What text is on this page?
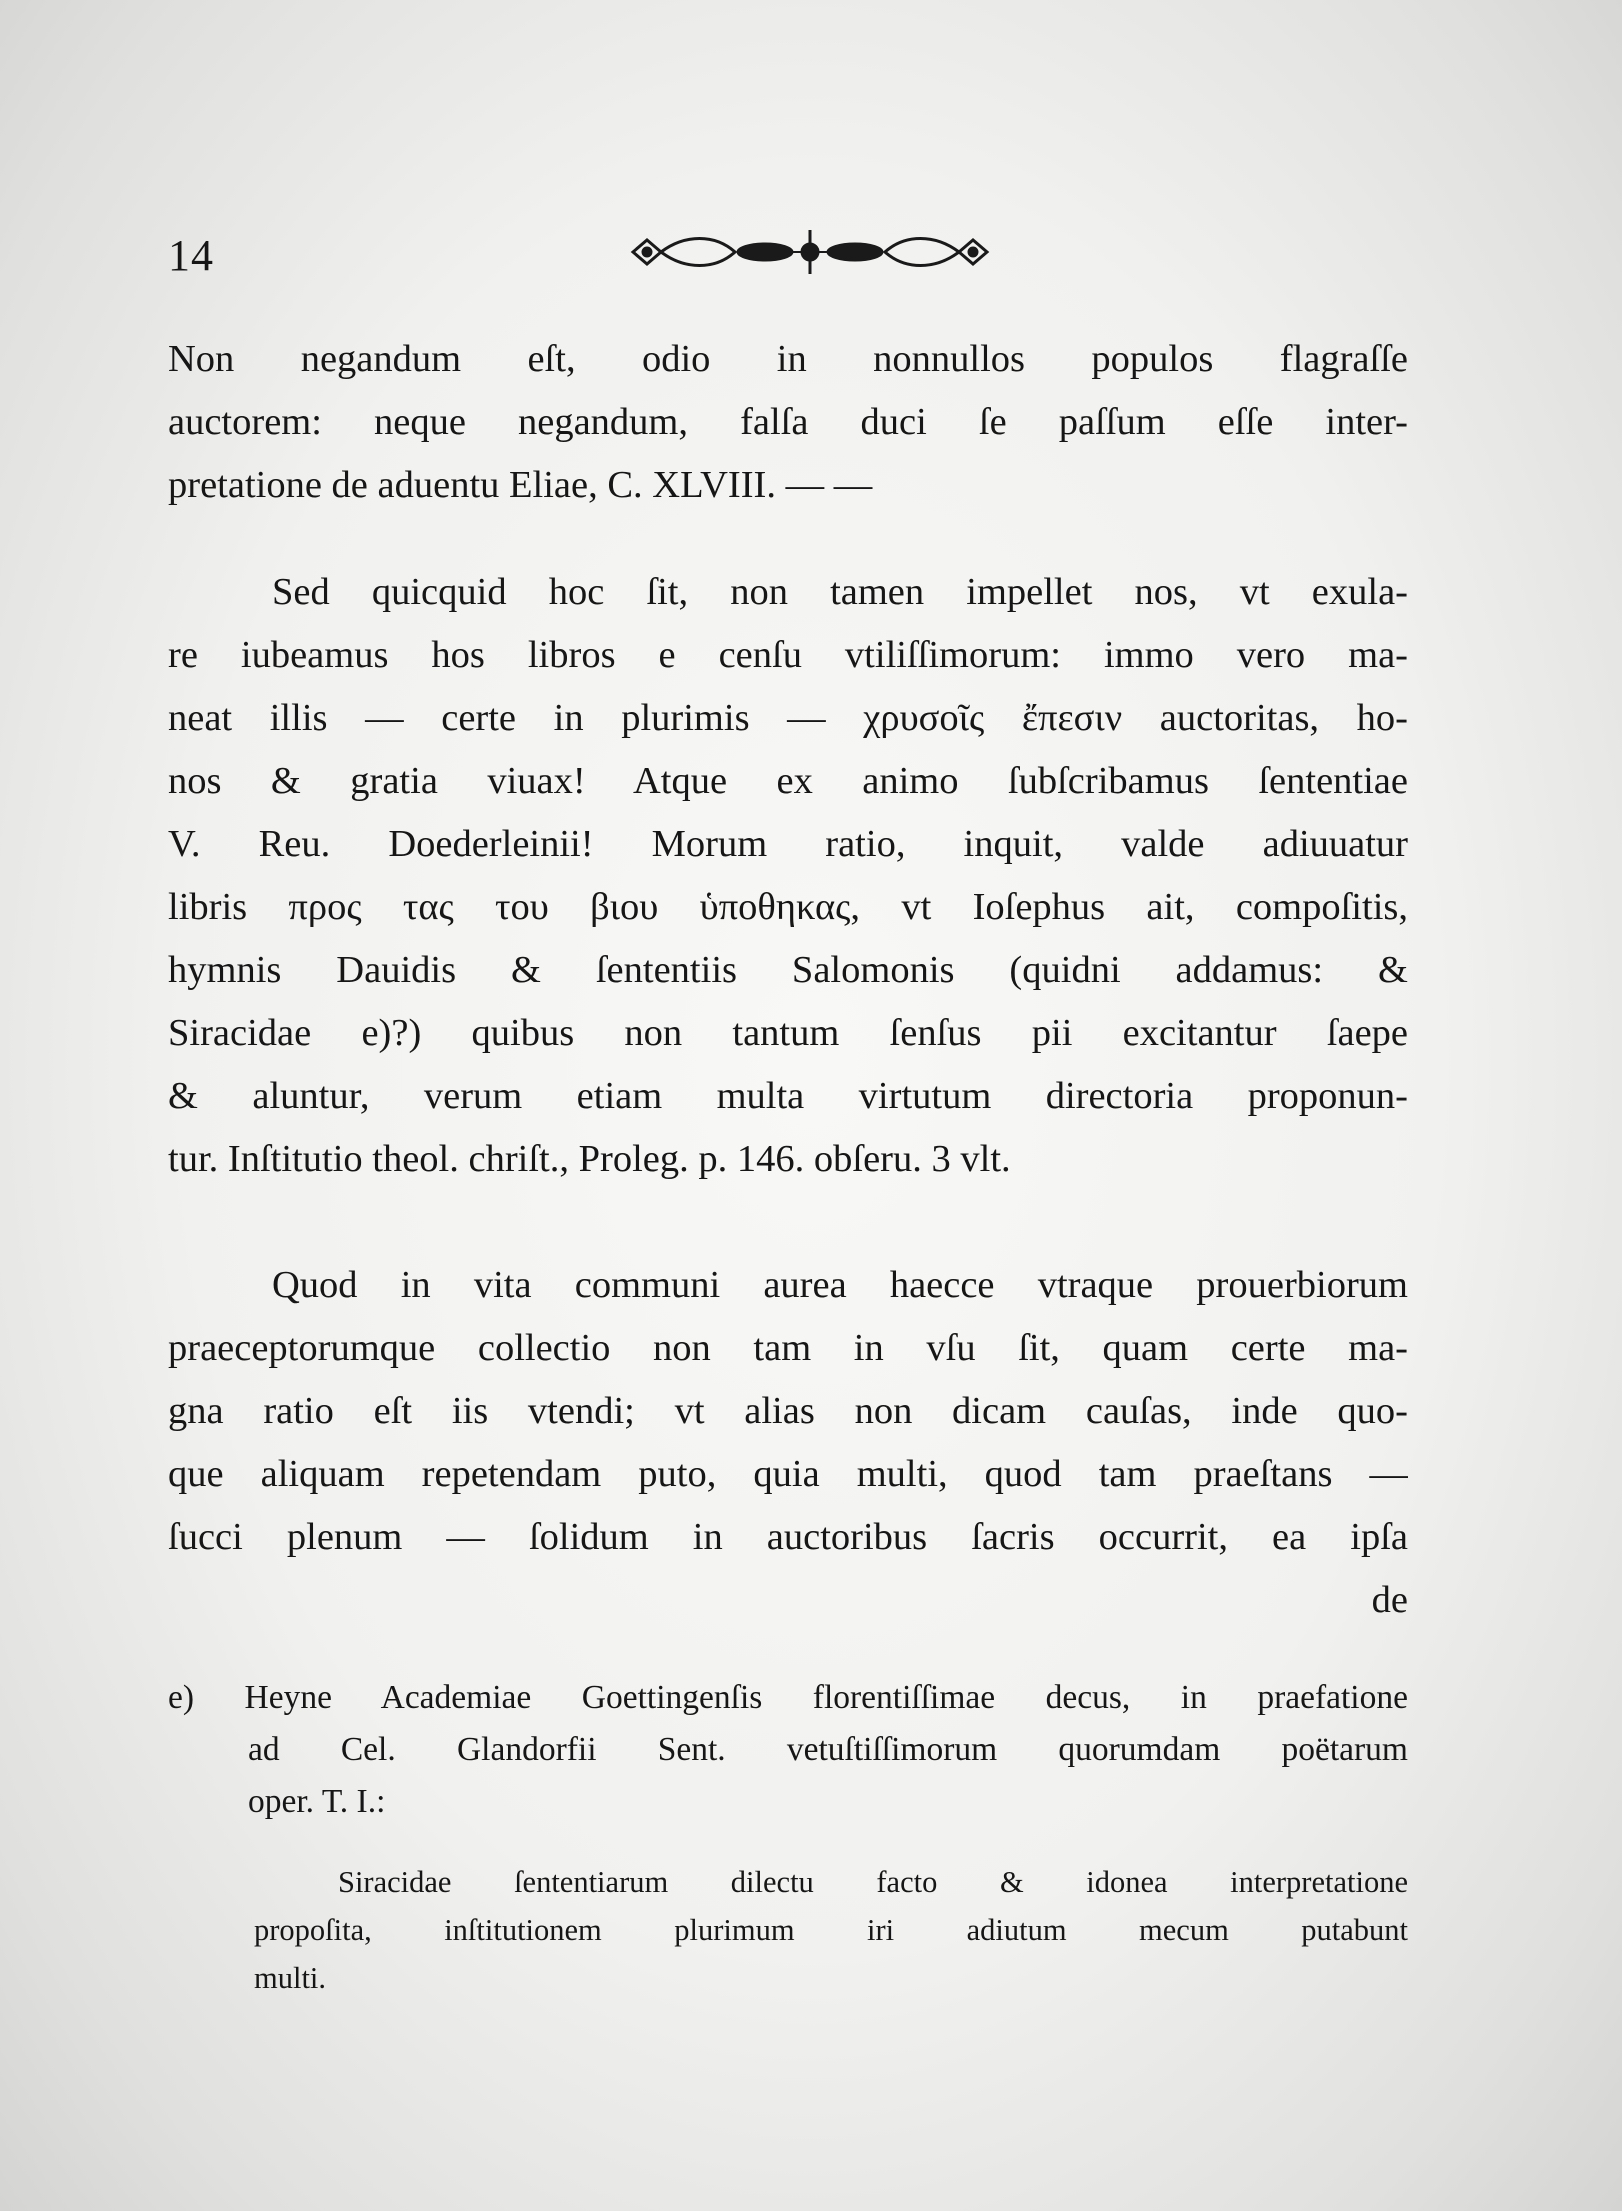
14
Non negandum eſt, odio in nonnullos populos flagraſſe
auctorem: neque negandum, falſa duci ſe paſſum eſſe inter-
pretatione de aduentu Eliae, C. XLVIII. — —
Sed quicquid hoc ſit, non tamen impellet nos, vt exula-
re iubeamus hos libros e cenſu vtiliſſimorum: immo vero ma-
neat illis — certe in plurimis — χρυσοῖς ἔπεσιν auctoritas, ho-
nos & gratia viuax! Atque ex animo ſubſcribamus ſententiae
V. Reu. Doederleinii! Morum ratio, inquit, valde adiuuatur
libris προς τας του βιου ὑποθηκας, vt Ioſephus ait, compoſitis,
hymnis Dauidis & ſententiis Salomonis (quidni addamus: &
Siracidae e)?) quibus non tantum ſenſus pii excitantur ſaepe
& aluntur, verum etiam multa virtutum directoria proponun-
tur. Inſtitutio theol. chriſt., Proleg. p. 146. obſeru. 3 vlt.
Quod in vita communi aurea haecce vtraque prouerbiorum
praeceptorumque collectio non tam in vſu ſit, quam certe ma-
gna ratio eſt iis vtendi; vt alias non dicam cauſas, inde quo-
que aliquam repetendam puto, quia multi, quod tam praeſtans —
ſucci plenum — ſolidum in auctoribus ſacris occurrit, ea ipſa
de
e) Heyne Academiae Goettingenſis florentiſſimae decus, in praefatione
ad Cel. Glandorfii Sent. vetuſtiſſimorum quorumdam poëtarum
oper. T. I.:
Siracidae ſententiarum dilectu facto & idonea interpretatione
propoſita, inſtitutionem plurimum iri adiutum mecum putabunt
multi.
